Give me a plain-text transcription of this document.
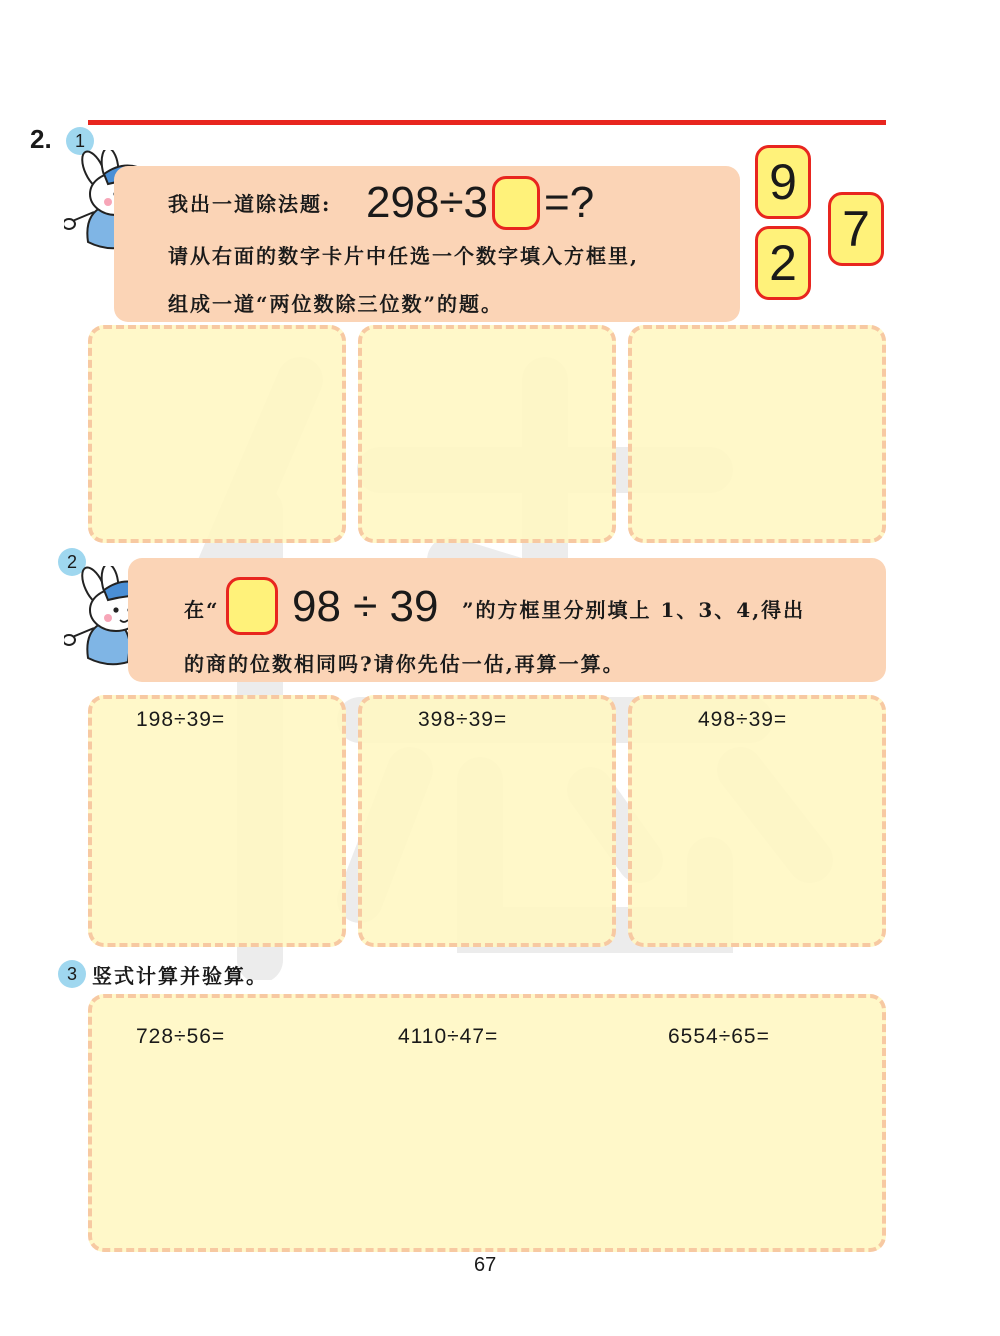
2.	1
我出一道除法题: 298÷3 =?
请从右面的数字卡片中任选一个数字填入方框里,
组成一道“两位数除三位数”的题。
9
2
7
2
在“ 98 ÷ 39 ”的方框里分别填上 1、3、4,得出
的商的位数相同吗?请你先估一估,再算一算。
198÷39=	398÷39=	498÷39=
3 竖式计算并验算。
728÷56=	4110÷47=	6554÷65=
67
